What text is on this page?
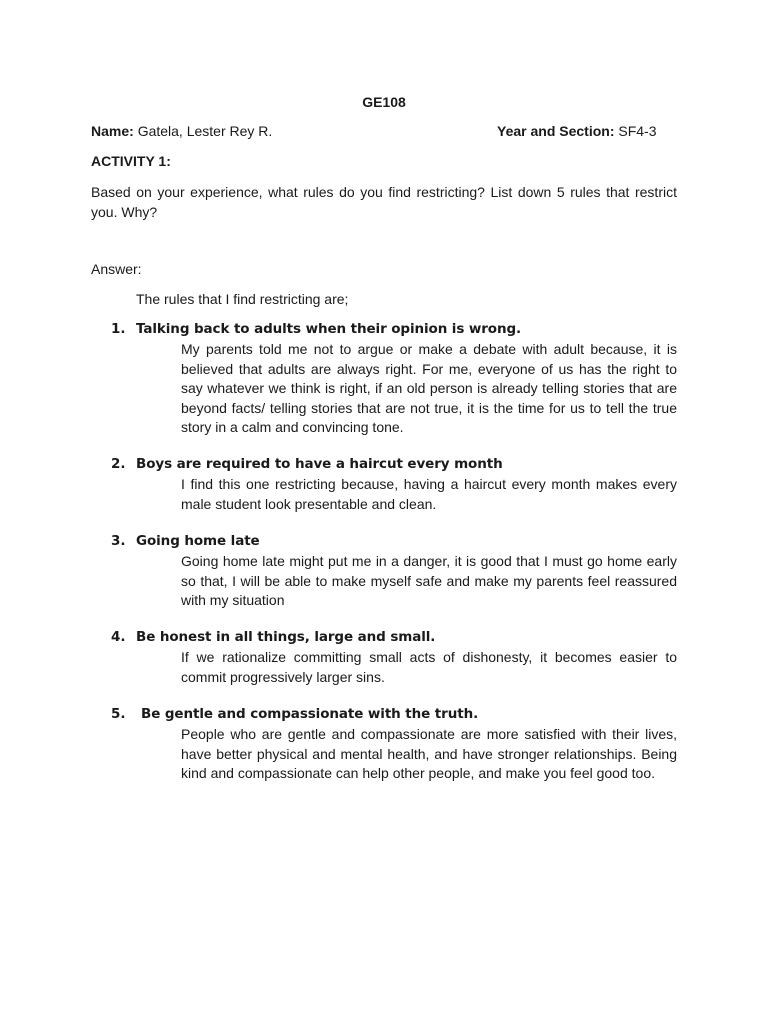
GE108
Name: Gatela, Lester Rey R.	Year and Section: SF4-3
ACTIVITY 1:
Based on your experience, what rules do you find restricting? List down 5 rules that restrict you. Why?
Answer:
The rules that I find restricting are;
1. Talking back to adults when their opinion is wrong.
My parents told me not to argue or make a debate with adult because, it is believed that adults are always right. For me, everyone of us has the right to say whatever we think is right, if an old person is already telling stories that are beyond facts/ telling stories that are not true, it is the time for us to tell the true story in a calm and convincing tone.
2. Boys are required to have a haircut every month
I find this one restricting because, having a haircut every month makes every male student look presentable and clean.
3. Going home late
Going home late might put me in a danger, it is good that I must go home early so that, I will be able to make myself safe and make my parents feel reassured with my situation
4. Be honest in all things, large and small.
If we rationalize committing small acts of dishonesty, it becomes easier to commit progressively larger sins.
5. Be gentle and compassionate with the truth.
People who are gentle and compassionate are more satisfied with their lives, have better physical and mental health, and have stronger relationships. Being kind and compassionate can help other people, and make you feel good too.
